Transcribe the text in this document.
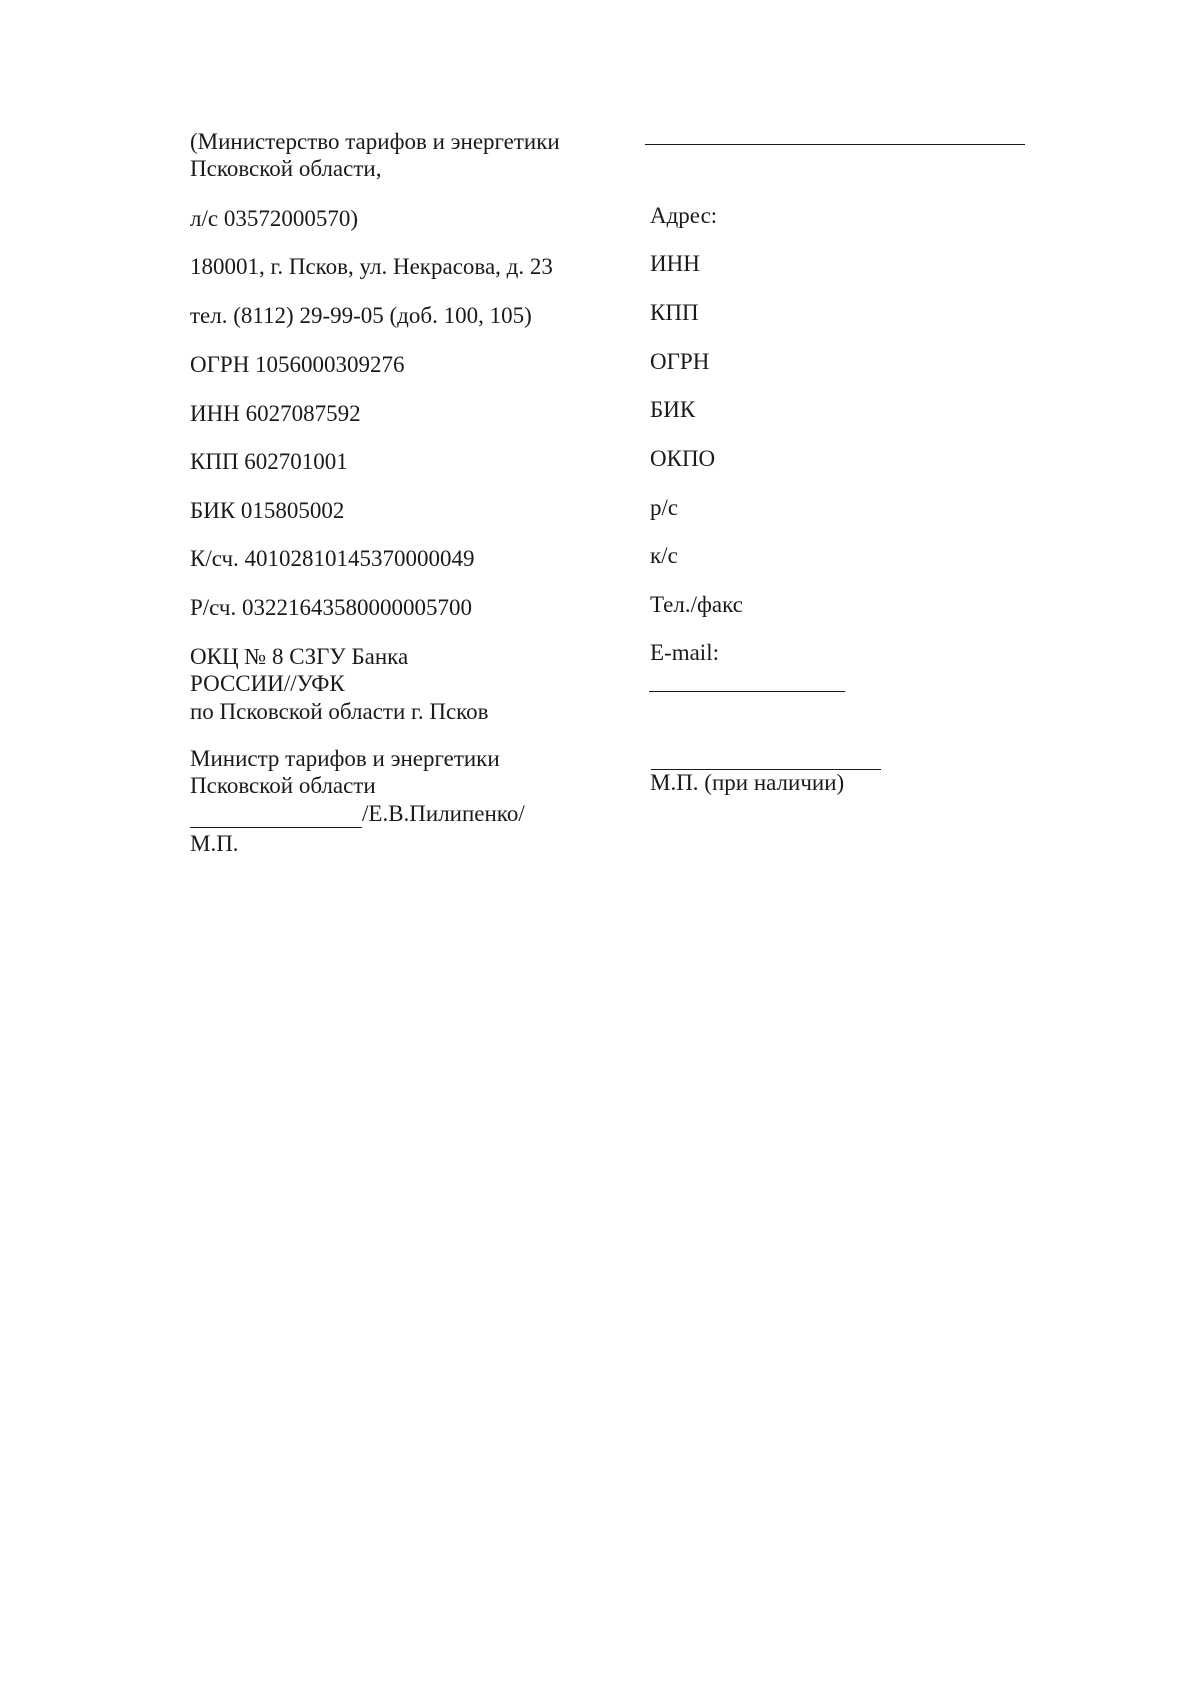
(Министерство тарифов и энергетики
Псковской области,
л/с 03572000570)
180001, г. Псков, ул. Некрасова, д. 23
тел. (8112) 29-99-05 (доб. 100, 105)
ОГРН 1056000309276
ИНН 6027087592
КПП 602701001
БИК 015805002
К/сч. 40102810145370000049
Р/сч. 03221643580000005700
ОКЦ № 8 СЗГУ Банка
РОССИИ//УФК
по Псковской области г. Псков
Министр тарифов и энергетики
Псковской области
/Е.В.Пилипенко/
М.П.
Адрес:
ИНН
КПП
ОГРН
БИК
ОКПО
р/с
к/с
Тел./факс
E-mail:
М.П. (при наличии)
